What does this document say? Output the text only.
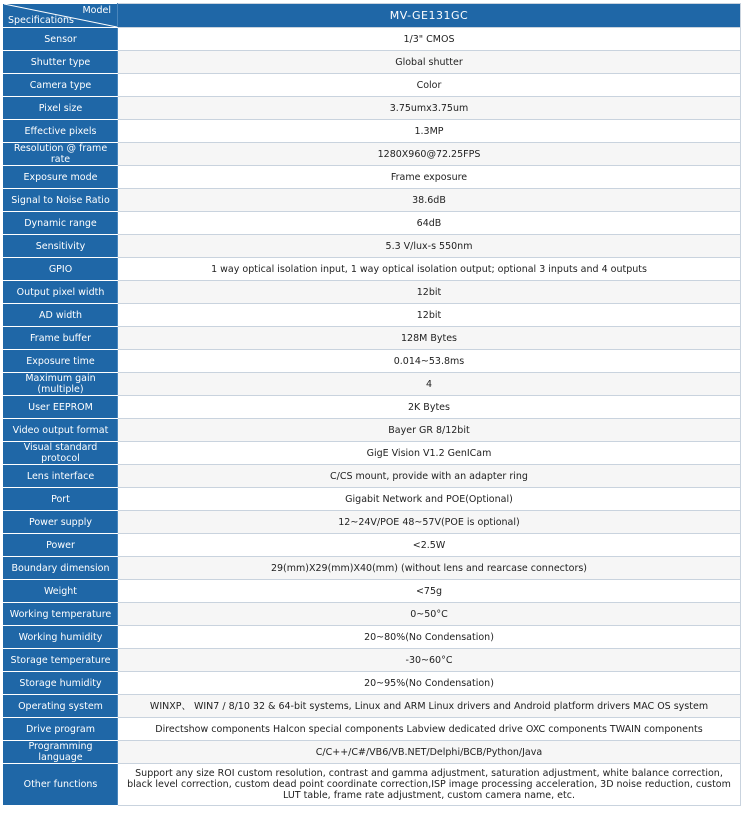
Model
Specifications	MV-GE131GC
Sensor	1/3" CMOS
Shutter type	Global shutter
Camera type	Color
Pixel size	3.75umx3.75um
Effective pixels	1.3MP
Resolution @ frame rate	1280X960@72.25FPS
Exposure mode	Frame exposure
Signal to Noise Ratio	38.6dB
Dynamic range	64dB
Sensitivity	5.3 V/lux-s 550nm
GPIO	1 way optical isolation input, 1 way optical isolation output; optional 3 inputs and 4 outputs
Output pixel width	12bit
AD width	12bit
Frame buffer	128M Bytes
Exposure time	0.014~53.8ms
Maximum gain (multiple)	4
User EEPROM	2K Bytes
Video output format	Bayer GR 8/12bit
Visual standard protocol	GigE Vision V1.2 GenICam
Lens interface	C/CS mount, provide with an adapter ring
Port	Gigabit Network and POE(Optional)
Power supply	12~24V/POE 48~57V(POE is optional)
Power	<2.5W
Boundary dimension	29(mm)X29(mm)X40(mm) (without lens and rearcase connectors)
Weight	<75g
Working temperature	0~50°C
Working humidity	20~80%(No Condensation)
Storage temperature	-30~60°C
Storage humidity	20~95%(No Condensation)
Operating system	WINXP、 WIN7 / 8/10 32 & 64-bit systems, Linux and ARM Linux drivers and Android platform drivers MAC OS system
Drive program	Directshow components Halcon special components Labview dedicated drive OXC components TWAIN components
Programming language	C/C++/C#/VB6/VB.NET/Delphi/BCB/Python/Java
Other functions	Support any size ROI custom resolution, contrast and gamma adjustment, saturation adjustment, white balance correction, black level correction, custom dead point coordinate correction,ISP image processing acceleration, 3D noise reduction, custom LUT table, frame rate adjustment, custom camera name, etc.
